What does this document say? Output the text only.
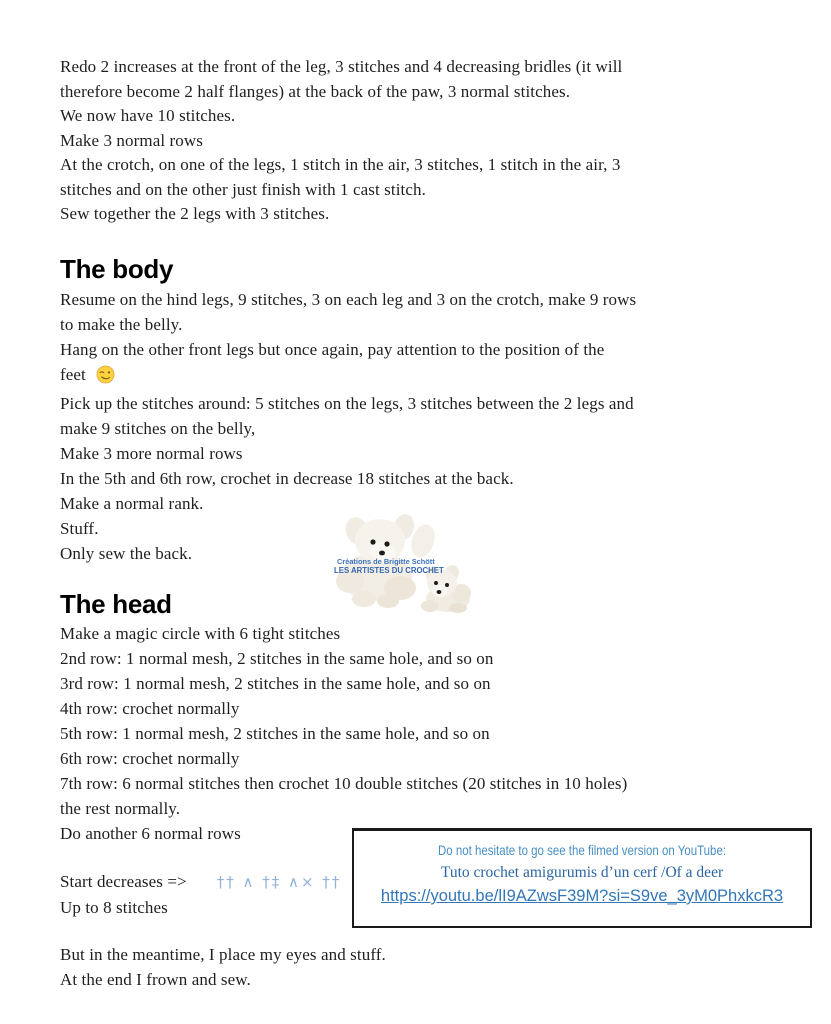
Redo 2 increases at the front of the leg, 3 stitches and 4 decreasing bridles (it will
therefore become 2 half flanges) at the back of the paw, 3 normal stitches.
We now have 10 stitches.
Make 3 normal rows
At the crotch, on one of the legs, 1 stitch in the air, 3 stitches, 1 stitch in the air, 3
stitches and on the other just finish with 1 cast stitch.
Sew together the 2 legs with 3 stitches.
The body
Resume on the hind legs, 9 stitches, 3 on each leg and 3 on the crotch, make 9 rows
to make the belly.
Hang on the other front legs but once again, pay attention to the position of the
feet
Pick up the stitches around: 5 stitches on the legs, 3 stitches between the 2 legs and
make 9 stitches on the belly,
Make 3 more normal rows
In the 5th and 6th row, crochet in decrease 18 stitches at the back.
Make a normal rank.
Stuff.
Only sew the back.	Créations de Brigitte Schött
LES ARTISTES DU CROCHET
The head
Make a magic circle with 6 tight stitches
2nd row: 1 normal mesh, 2 stitches in the same hole, and so on
3rd row: 1 normal mesh, 2 stitches in the same hole, and so on
4th row: crochet normally
5th row: 1 normal mesh, 2 stitches in the same hole, and so on
6th row: crochet normally
7th row: 6 normal stitches then crochet 10 double stitches (20 stitches in 10 holes)
the rest normally.
Do another 6 normal rows
Start decreases => †† ∧ †‡ ∧× ††
Up to 8 stitches
Do not hesitate to go see the filmed version on YouTube:
Tuto crochet amigurumis d’un cerf /Of a deer
https://youtu.be/lI9AZwsF39M?si=S9ve_3yM0PhxkcR3
But in the meantime, I place my eyes and stuff.
At the end I frown and sew.
